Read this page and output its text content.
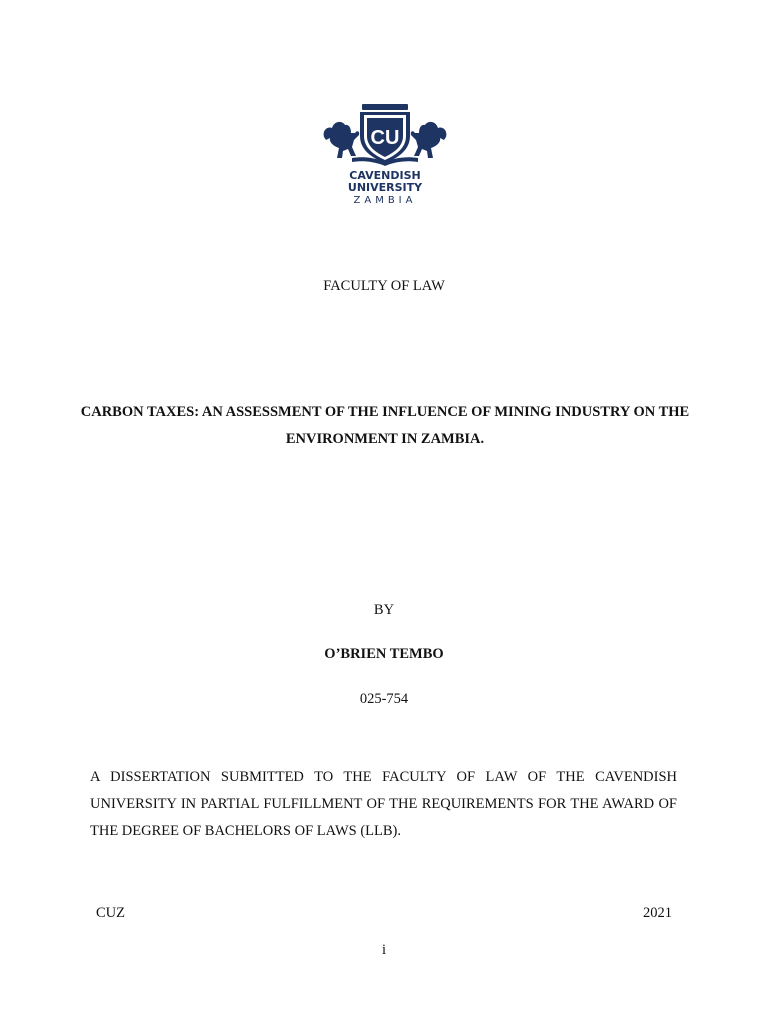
CU
CAVENDISH
UNIVERSITY
ZAMBIA

FACULTY OF LAW

CARBON TAXES: AN ASSESSMENT OF THE INFLUENCE OF MINING INDUSTRY ON THE ENVIRONMENT IN ZAMBIA.

BY

O’BRIEN TEMBO

025-754

A DISSERTATION SUBMITTED TO THE FACULTY OF LAW OF THE CAVENDISH UNIVERSITY IN PARTIAL FULFILLMENT OF THE REQUIREMENTS FOR THE AWARD OF THE DEGREE OF BACHELORS OF LAWS (LLB).

CUZ	2021

i
